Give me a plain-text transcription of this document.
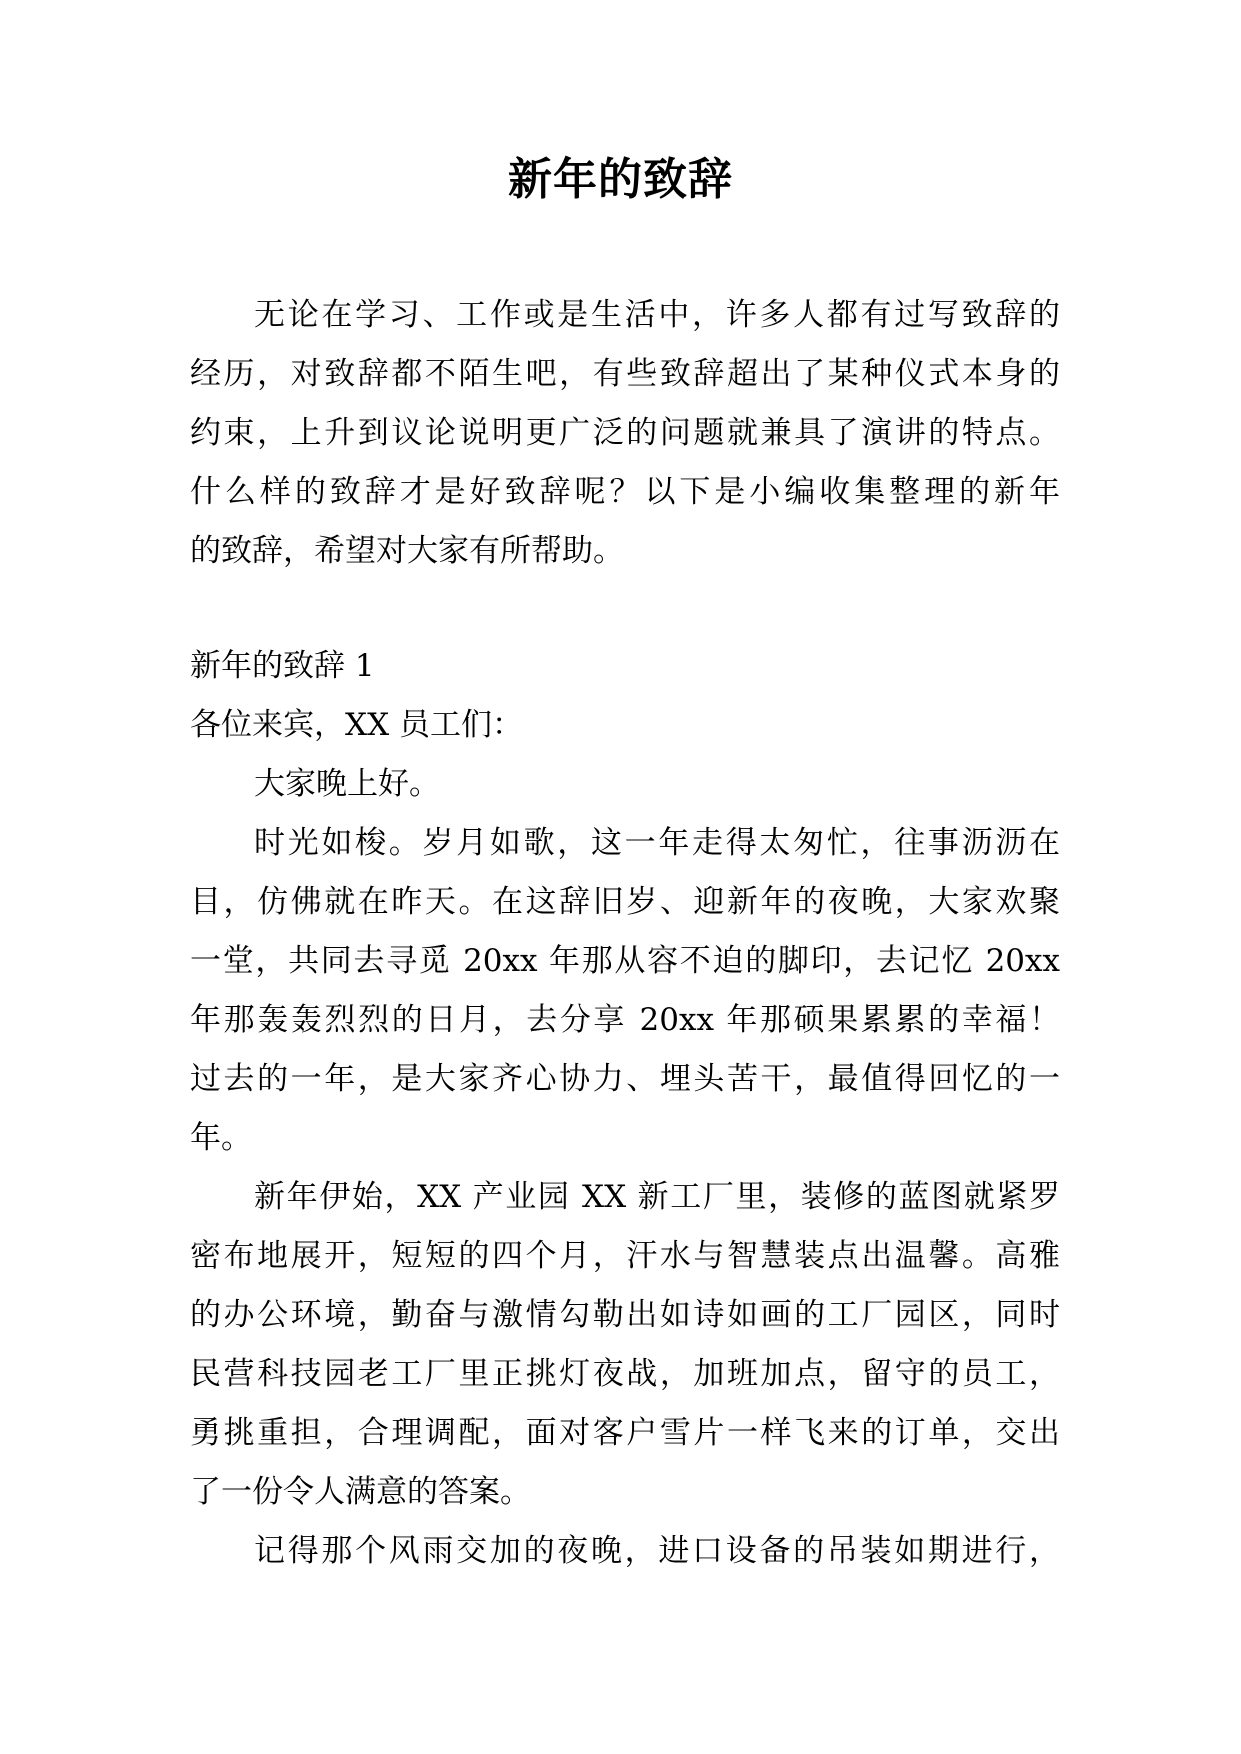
新年的致辞
无论在学习、工作或是生活中，许多人都有过写致辞的
经历，对致辞都不陌生吧，有些致辞超出了某种仪式本身的
约束，上升到议论说明更广泛的问题就兼具了演讲的特点。
什么样的致辞才是好致辞呢？以下是小编收集整理的新年
的致辞，希望对大家有所帮助。
新年的致辞 1
各位来宾，XX 员工们：
大家晚上好。
时光如梭。岁月如歌，这一年走得太匆忙，往事沥沥在
目，仿佛就在昨天。在这辞旧岁、迎新年的夜晚，大家欢聚
一堂，共同去寻觅 20xx 年那从容不迫的脚印，去记忆 20xx
年那轰轰烈烈的日月，去分享 20xx 年那硕果累累的幸福！
过去的一年，是大家齐心协力、埋头苦干，最值得回忆的一
年。
新年伊始，XX 产业园 XX 新工厂里，装修的蓝图就紧罗
密布地展开，短短的四个月，汗水与智慧装点出温馨。高雅
的办公环境，勤奋与激情勾勒出如诗如画的工厂园区，同时
民营科技园老工厂里正挑灯夜战，加班加点，留守的员工，
勇挑重担，合理调配，面对客户雪片一样飞来的订单，交出
了一份令人满意的答案。
记得那个风雨交加的夜晚，进口设备的吊装如期进行，
